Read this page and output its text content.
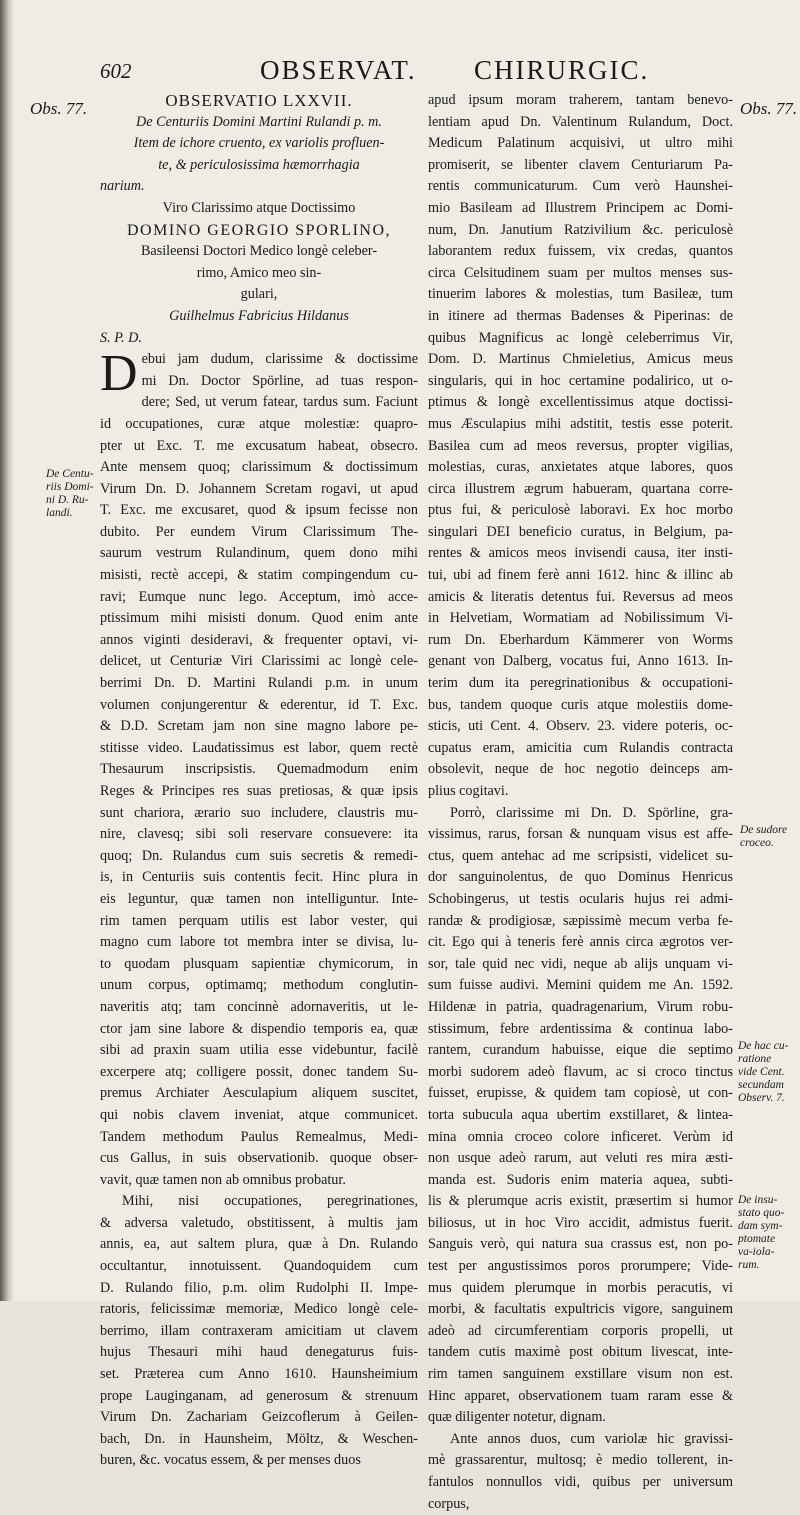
602	OBSERVAT. CHIRURGIC.
Obs. 77.	Obs. 77.
De Centu-
riis Domi-
ni D. Ru-
landi.
De sudore
croceo.
De hac cu-
ratione
vide Cent.
secundam
Observ. 7.
De insu-
stato quo-
dam sym-
ptomate
va-iola-
rum.
OBSERVATIO LXXVII.
De Centuriis Domini Martini Rulandi p. m.
Item de ichore cruento, ex variolis profluen-
te, & periculosissima hæmorrhagia
narium.
Viro Clarissimo atque Doctissimo
DOMINO GEORGIO SPORLINO,
Basileensi Doctori Medico longè celeber-
rimo, Amico meo sin-
gulari,
Guilhelmus Fabricius Hildanus
S. P. D.
D ebui jam dudum, clarissime & doctissime
mi Dn. Doctor Spörline, ad tuas respon-
dere; Sed, ut verum fatear, tardus sum. Faciunt
id occupationes, curæ atque molestiæ: quapro-
pter ut Exc. T. me excusatum habeat, obsecro.
Ante mensem quoq; clarissimum & doctissimum
Virum Dn. D. Johannem Scretam rogavi, ut apud
T. Exc. me excusaret, quod & ipsum fecisse non
dubito. Per eundem Virum Clarissimum The-
saurum vestrum Rulandinum, quem dono mihi
misisti, rectè accepi, & statim compingendum cu-
ravi; Eumque nunc lego. Acceptum, imò acce-
ptissimum mihi misisti donum. Quod enim ante
annos viginti desideravi, & frequenter optavi, vi-
delicet, ut Centuriæ Viri Clarissimi ac longè cele-
berrimi Dn. D. Martini Rulandi p.m. in unum
volumen conjungerentur & ederentur, id T. Exc.
& D.D. Scretam jam non sine magno labore pe-
stitisse video. Laudatissimus est labor, quem rectè
Thesaurum inscripsistis. Quemadmodum enim
Reges & Principes res suas pretiosas, & quæ ipsis
sunt chariora, ærario suo includere, claustris mu-
nire, clavesq; sibi soli reservare consuevere: ita
quoq; Dn. Rulandus cum suis secretis & remedi-
is, in Centuriis suis contentis fecit. Hinc plura in
eis leguntur, quæ tamen non intelliguntur. Inte-
rim tamen perquam utilis est labor vester, qui
magno cum labore tot membra inter se divisa, lu-
to quodam plusquam sapientiæ chymicorum, in
unum corpus, optimamq; methodum conglutin-
naveritis atq; tam concinnè adornaveritis, ut le-
ctor jam sine labore & dispendio temporis ea, quæ
sibi ad praxin suam utilia esse videbuntur, facilè
excerpere atq; colligere possit, donec tandem Su-
premus Archiater Aesculapium aliquem suscitet,
qui nobis clavem inveniat, atque communicet.
Tandem methodum Paulus Remealmus, Medi-
cus Gallus, in suis observationib. quoque obser-
vavit, quæ tamen non ab omnibus probatur.
Mihi, nisi occupationes, peregrinationes,
& adversa valetudo, obstitissent, à multis jam
annis, ea, aut saltem plura, quæ à Dn. Rulando
occultantur, innotuissent. Quandoquidem cum
D. Rulando filio, p.m. olim Rudolphi II. Impe-
ratoris, felicissimæ memoriæ, Medico longè cele-
berrimo, illam contraxeram amicitiam ut clavem
hujus Thesauri mihi haud denegaturus fuis-
set. Præterea cum Anno 1610. Haunsheimium
prope Lauginganam, ad generosum & strenuum
Virum Dn. Zachariam Geizcoflerum à Geilen-
bach, Dn. in Haunsheim, Möltz, & Weschen-
buren, &c. vocatus essem, & per menses duos
apud ipsum moram traherem, tantam benevo-
lentiam apud Dn. Valentinum Rulandum, Doct.
Medicum Palatinum acquisivi, ut ultro mihi
promiserit, se libenter clavem Centuriarum Pa-
rentis communicaturum. Cum verò Haunshei-
mio Basileam ad Illustrem Principem ac Domi-
num, Dn. Janutium Ratzivilium &c. periculosè
laborantem redux fuissem, vix credas, quantos
circa Celsitudinem suam per multos menses sus-
tinuerim labores & molestias, tum Basileæ, tum
in itinere ad thermas Badenses & Piperinas: de
quibus Magnificus ac longè celeberrimus Vir,
Dom. D. Martinus Chmieletius, Amicus meus
singularis, qui in hoc certamine podalirico, ut o-
ptimus & longè excellentissimus atque doctissi-
mus Æsculapius mihi adstitit, testis esse poterit.
Basilea cum ad meos reversus, propter vigilias,
molestias, curas, anxietates atque labores, quos
circa illustrem ægrum habueram, quartana corre-
ptus fui, & periculosè laboravi. Ex hoc morbo
singulari DEI beneficio curatus, in Belgium, pa-
rentes & amicos meos invisendi causa, iter insti-
tui, ubi ad finem ferè anni 1612. hinc & illinc ab
amicis & literatis detentus fui. Reversus ad meos
in Helvetiam, Wormatiam ad Nobilissimum Vi-
rum Dn. Eberhardum Kämmerer von Worms
genant von Dalberg, vocatus fui, Anno 1613. In-
terim dum ita peregrinationibus & occupationi-
bus, tandem quoque curis atque molestiis dome-
sticis, uti Cent. 4. Observ. 23. videre poteris, oc-
cupatus eram, amicitia cum Rulandis contracta
obsolevit, neque de hoc negotio deinceps am-
plius cogitavi.
Porrò, clarissime mi Dn. D. Spörline, gra-
vissimus, rarus, forsan & nunquam visus est affe-
ctus, quem antehac ad me scripsisti, videlicet su-
dor sanguinolentus, de quo Dominus Henricus
Schobingerus, ut testis ocularis hujus rei admi-
randæ & prodigiosæ, sæpissimè mecum verba fe-
cit. Ego qui à teneris ferè annis circa ægrotos ver-
sor, tale quid nec vidi, neque ab alijs unquam vi-
sum fuisse audivi. Memini quidem me An. 1592.
Hildenæ in patria, quadragenarium, Virum robu-
stissimum, febre ardentissima & continua labo-
rantem, curandum habuisse, eique die septimo
morbi sudorem adeò flavum, ac si croco tinctus
fuisset, erupisse, & quidem tam copiosè, ut con-
torta subucula aqua ubertim exstillaret, & lintea-
mina omnia croceo colore inficeret. Verùm id
non usque adeò rarum, aut veluti res mira æsti-
manda est. Sudoris enim materia aquea, subti-
lis & plerumque acris existit, præsertim si humor
biliosus, ut in hoc Viro accidit, admistus fuerit.
Sanguis verò, qui natura sua crassus est, non po-
test per angustissimos poros prorumpere; Vide-
mus quidem plerumque in morbis peracutis, vi
morbi, & facultatis expultricis vigore, sanguinem
adeò ad circumferentiam corporis propelli, ut
tandem cutis maximè post obitum livescat, inte-
rim tamen sanguinem exstillare visum non est.
Hinc apparet, observationem tuam raram esse &
quæ diligenter notetur, dignam.
Ante annos duos, cum variolæ hic gravissi-
mè grassarentur, multosq; è medio tollerent, in-
fantulos nonnullos vidi, quibus per universum
corpus,
